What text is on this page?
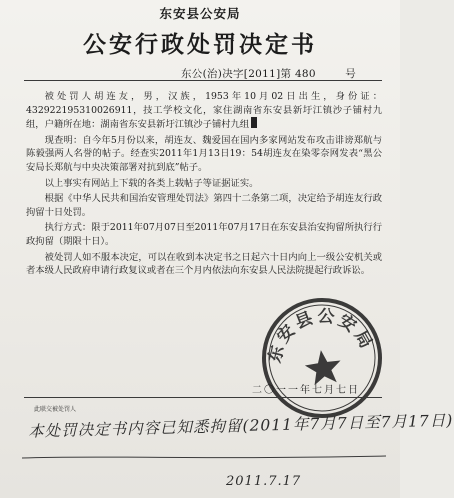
东安县公安局
公安行政处罚决定书
东公(治)决字[2011]第 480	号

被处罚人胡连友，男，汉族，1953年10月02日出生，身份证：432922195310026911，技工学校文化，家住湖南省东安县新圩江镇沙子铺村九组，户籍所在地：湖南省东安县新圩江镇沙子铺村九组

现查明：自今年5月份以来，胡连友、魏爱国在国内多家网站发布攻击诽谤郑航与陈毅强两人名誉的帖子。经查实2011年1月13日19：54胡连友在染零奈网发表“黑公安局长郑航与中央决策部署对抗到底”帖子。

以上事实有网站上下载的各类上载帖子等证据证实。

根据《中华人民共和国治安管理处罚法》第四十二条第二项，决定给予胡连友行政拘留十日处罚。

执行方式：限于2011年07月07日至2011年07月17日在东安县治安拘留所执行行政拘留（期限十日）。

被处罚人如不服本决定，可以在收到本决定书之日起六十日内向上一级公安机关或者本级人民政府申请行政复议或者在三个月内依法向东安县人民法院提起行政诉讼。

二〇一一年七月七日
东安县公安局
此联交被处罚人
本处罚决定书内容已知悉拘留(2011年7月7日至7月17日)
2011.7.17
